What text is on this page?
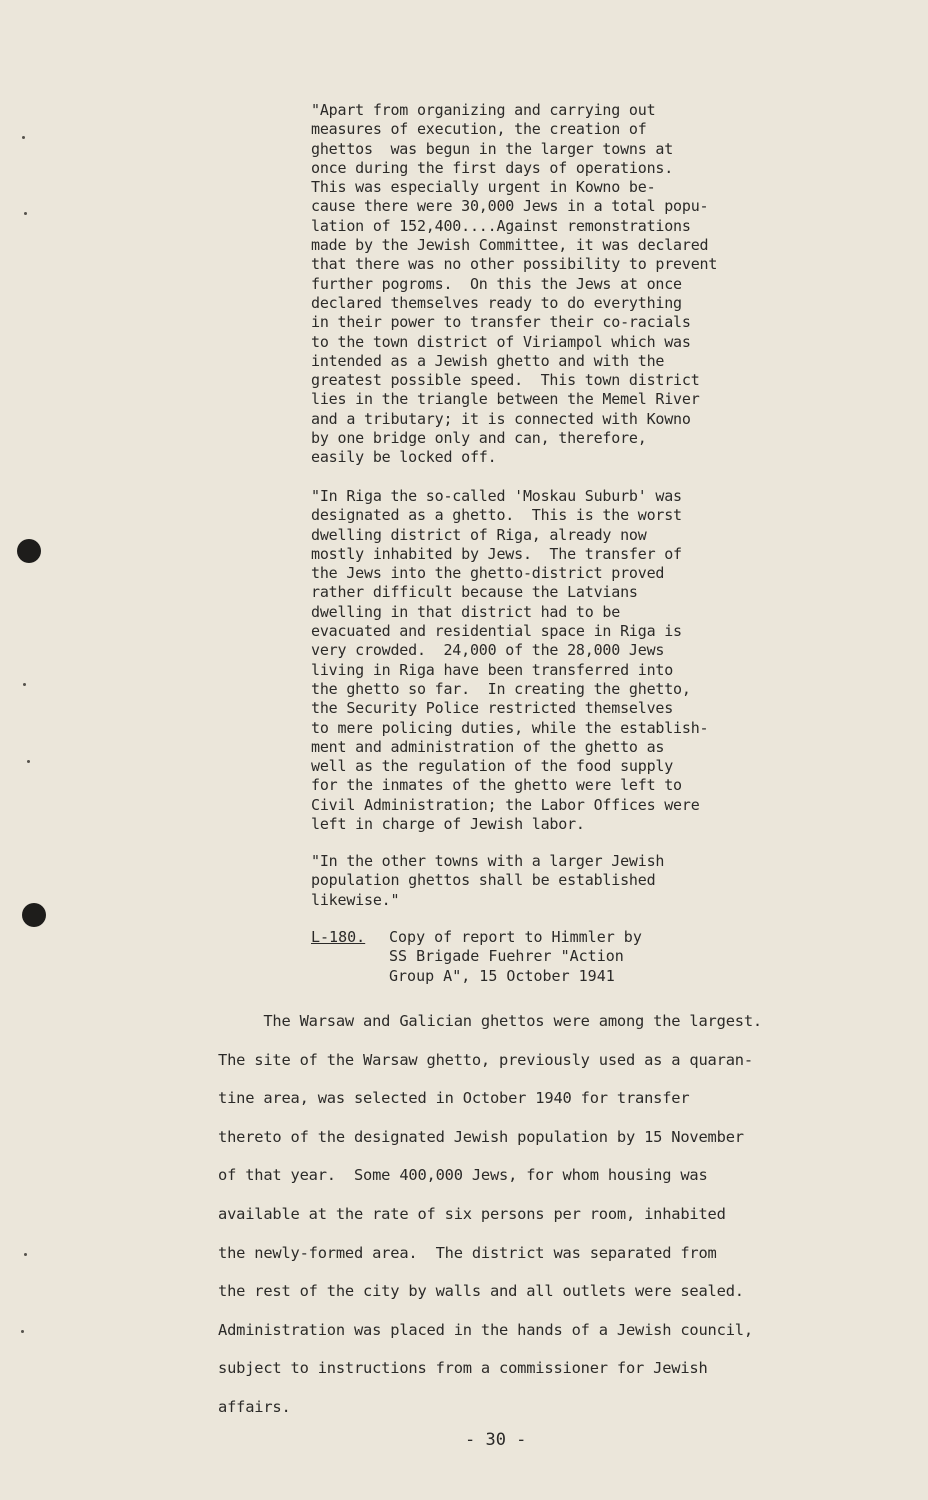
"Apart from organizing and carrying out
measures of execution, the creation of
ghettos  was begun in the larger towns at
once during the first days of operations.
This was especially urgent in Kowno be-
cause there were 30,000 Jews in a total popu-
lation of 152,400....Against remonstrations
made by the Jewish Committee, it was declared
that there was no other possibility to prevent
further pogroms.  On this the Jews at once
declared themselves ready to do everything
in their power to transfer their co-racials
to the town district of Viriampol which was
intended as a Jewish ghetto and with the
greatest possible speed.  This town district
lies in the triangle between the Memel River
and a tributary; it is connected with Kowno
by one bridge only and can, therefore,
easily be locked off.
"In Riga the so-called 'Moskau Suburb' was
designated as a ghetto.  This is the worst
dwelling district of Riga, already now
mostly inhabited by Jews.  The transfer of
the Jews into the ghetto-district proved
rather difficult because the Latvians
dwelling in that district had to be
evacuated and residential space in Riga is
very crowded.  24,000 of the 28,000 Jews
living in Riga have been transferred into
the ghetto so far.  In creating the ghetto,
the Security Police restricted themselves
to mere policing duties, while the establish-
ment and administration of the ghetto as
well as the regulation of the food supply
for the inmates of the ghetto were left to
Civil Administration; the Labor Offices were
left in charge of Jewish labor.
"In the other towns with a larger Jewish
population ghettos shall be established
likewise."
L-180. Copy of report to Himmler by
SS Brigade Fuehrer "Action
Group A", 15 October 1941
The Warsaw and Galician ghettos were among the largest.
The site of the Warsaw ghetto, previously used as a quaran-
tine area, was selected in October 1940 for transfer
thereto of the designated Jewish population by 15 November
of that year.  Some 400,000 Jews, for whom housing was
available at the rate of six persons per room, inhabited
the newly-formed area.  The district was separated from
the rest of the city by walls and all outlets were sealed.
Administration was placed in the hands of a Jewish council,
subject to instructions from a commissioner for Jewish
affairs.
- 30 -
